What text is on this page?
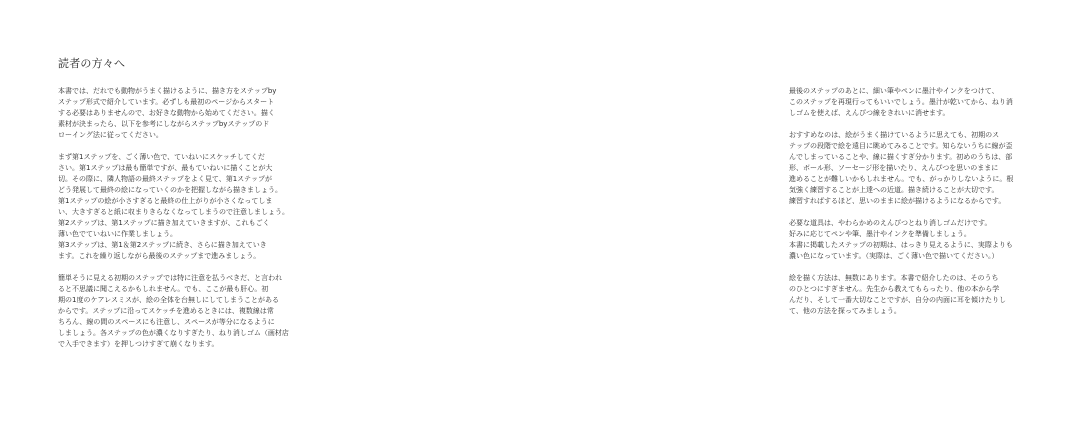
読者の方々へ
本書では、だれでも動物がうまく描けるように、描き方をステップby
ステップ形式で紹介しています。必ずしも最初のページからスタート
する必要はありませんので、お好きな動物から始めてください。描く
素材が決まったら、以下を参考にしながらステップbyステップのド
ローイング法に従ってください。
まず第1ステップを、ごく薄い色で、ていねいにスケッチしてくだ
さい。第1ステップは最も簡単ですが、最もていねいに描くことが大
切。その際に、隣人物語の最終ステップをよく見て、第1ステップが
どう発展して最終の絵になっていくのかを把握しながら描きましょう。
第1ステップの絵が小さすぎると最終の仕上がりが小さくなってしま
い、大きすぎると紙に収まりきらなくなってしまうので注意しましょう。
第2ステップは、第1ステップに描き加えていきますが、これもごく
薄い色でていねいに作業しましょう。
第3ステップは、第1＆第2ステップに続き、さらに描き加えていき
ます。これを繰り返しながら最後のステップまで進みましょう。
簡単そうに見える初期のステップでは特に注意を払うべきだ、と言われ
ると不思議に聞こえるかもしれません。でも、ここが最も肝心。初
期の1度のケアレスミスが、絵の全体を台無しにしてしまうことがある
からです。ステップに沿ってスケッチを進めるときには、複数線は常
ちろん、線の間のスペースにも注意し、スペースが等分になるように
しましょう。各ステップの色が濃くなりすぎたり、ねり消しゴム（画材店
で入手できます）を押しつけすぎて崩くなります。
最後のステップのあとに、細い筆やペンに墨汁やインクをつけて、
このステップを再現行ってもいいでしょう。墨汁が乾いてから、ねり消
しゴムを使えば、えんぴつ線をきれいに消せます。
おすすめなのは、絵がうまく描けているように思えても、初期のス
テップの段階で絵を遠目に眺めてみることです。知らないうちに線が歪
んでしまっていることや、線に描くすぎ分かります。初めのうちは、部
形、ボール形、ソーセージ形を描いたり、えんぴつを思いのままに
進めることが難しいかもしれません。でも、がっかりしないように。根
気強く練習することが上達への近道。描き続けることが大切です。
練習すればするほど、思いのままに絵が描けるようになるからです。
必要な道具は、やわらかめのえんぴつとねり消しゴムだけです。
好みに応じてペンや筆、墨汁やインクを準備しましょう。
本書に掲載したステップの初期は、はっきり見えるように、実際よりも
濃い色になっています。（実際は、ごく薄い色で描いてください。）
絵を描く方法は、無数にあります。本書で紹介したのは、そのうち
のひとつにすぎません。先生から教えてもらったり、他の本から学
んだり、そして一番大切なことですが、自分の内面に耳を傾けたりし
て、他の方法を探ってみましょう。
